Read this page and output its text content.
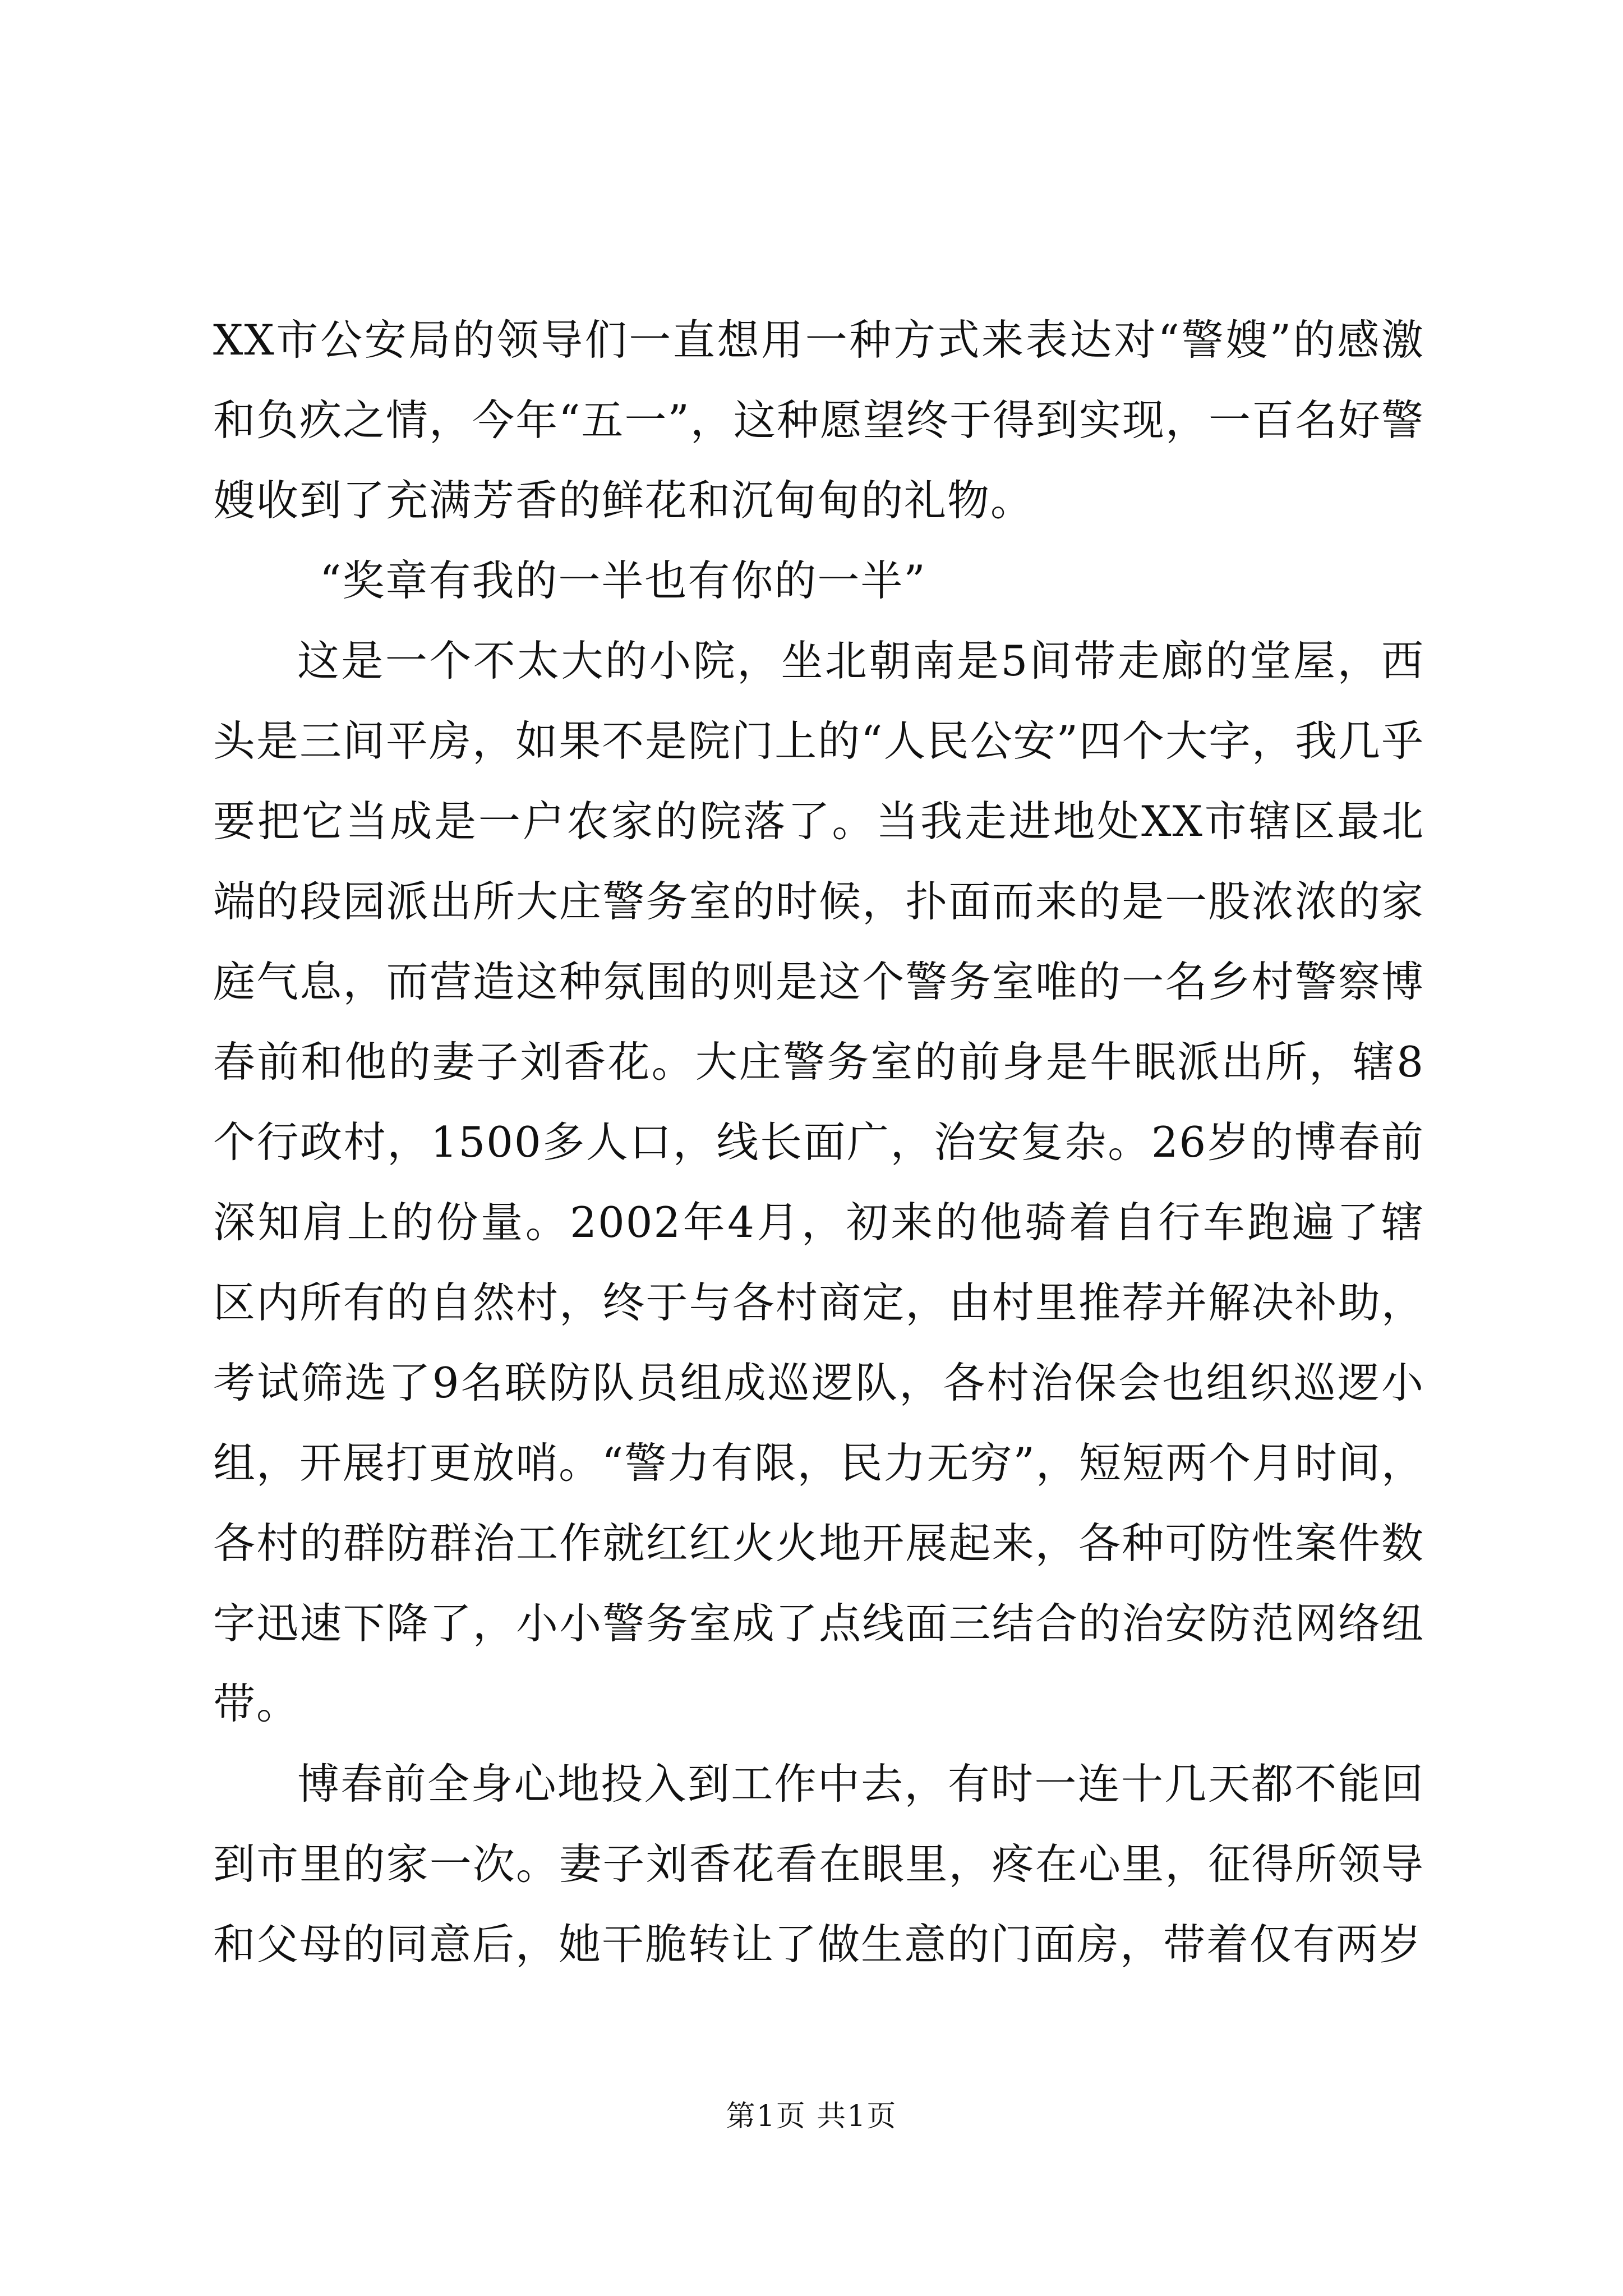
XX市公安局的领导们一直想用一种方式来表达对“警嫂”的感激和负疚之情，今年“五一”，这种愿望终于得到实现，一百名好警嫂收到了充满芳香的鲜花和沉甸甸的礼物。

“奖章有我的一半也有你的一半”

这是一个不太大的小院，坐北朝南是5间带走廊的堂屋，西头是三间平房，如果不是院门上的“人民公安”四个大字，我几乎要把它当成是一户农家的院落了。当我走进地处XX市辖区最北端的段园派出所大庄警务室的时候，扑面而来的是一股浓浓的家庭气息，而营造这种氛围的则是这个警务室唯的一名乡村警察博春前和他的妻子刘香花。大庄警务室的前身是牛眠派出所，辖8个行政村，1500多人口，线长面广，治安复杂。26岁的博春前深知肩上的份量。2002年4月，初来的他骑着自行车跑遍了辖区内所有的自然村，终于与各村商定，由村里推荐并解决补助，考试筛选了9名联防队员组成巡逻队，各村治保会也组织巡逻小组，开展打更放哨。“警力有限，民力无穷”，短短两个月时间，各村的群防群治工作就红红火火地开展起来，各种可防性案件数字迅速下降了，小小警务室成了点线面三结合的治安防范网络纽带。

博春前全身心地投入到工作中去，有时一连十几天都不能回到市里的家一次。妻子刘香花看在眼里，疼在心里，征得所领导和父母的同意后，她干脆转让了做生意的门面房，带着仅有两岁

第1页 共1页
